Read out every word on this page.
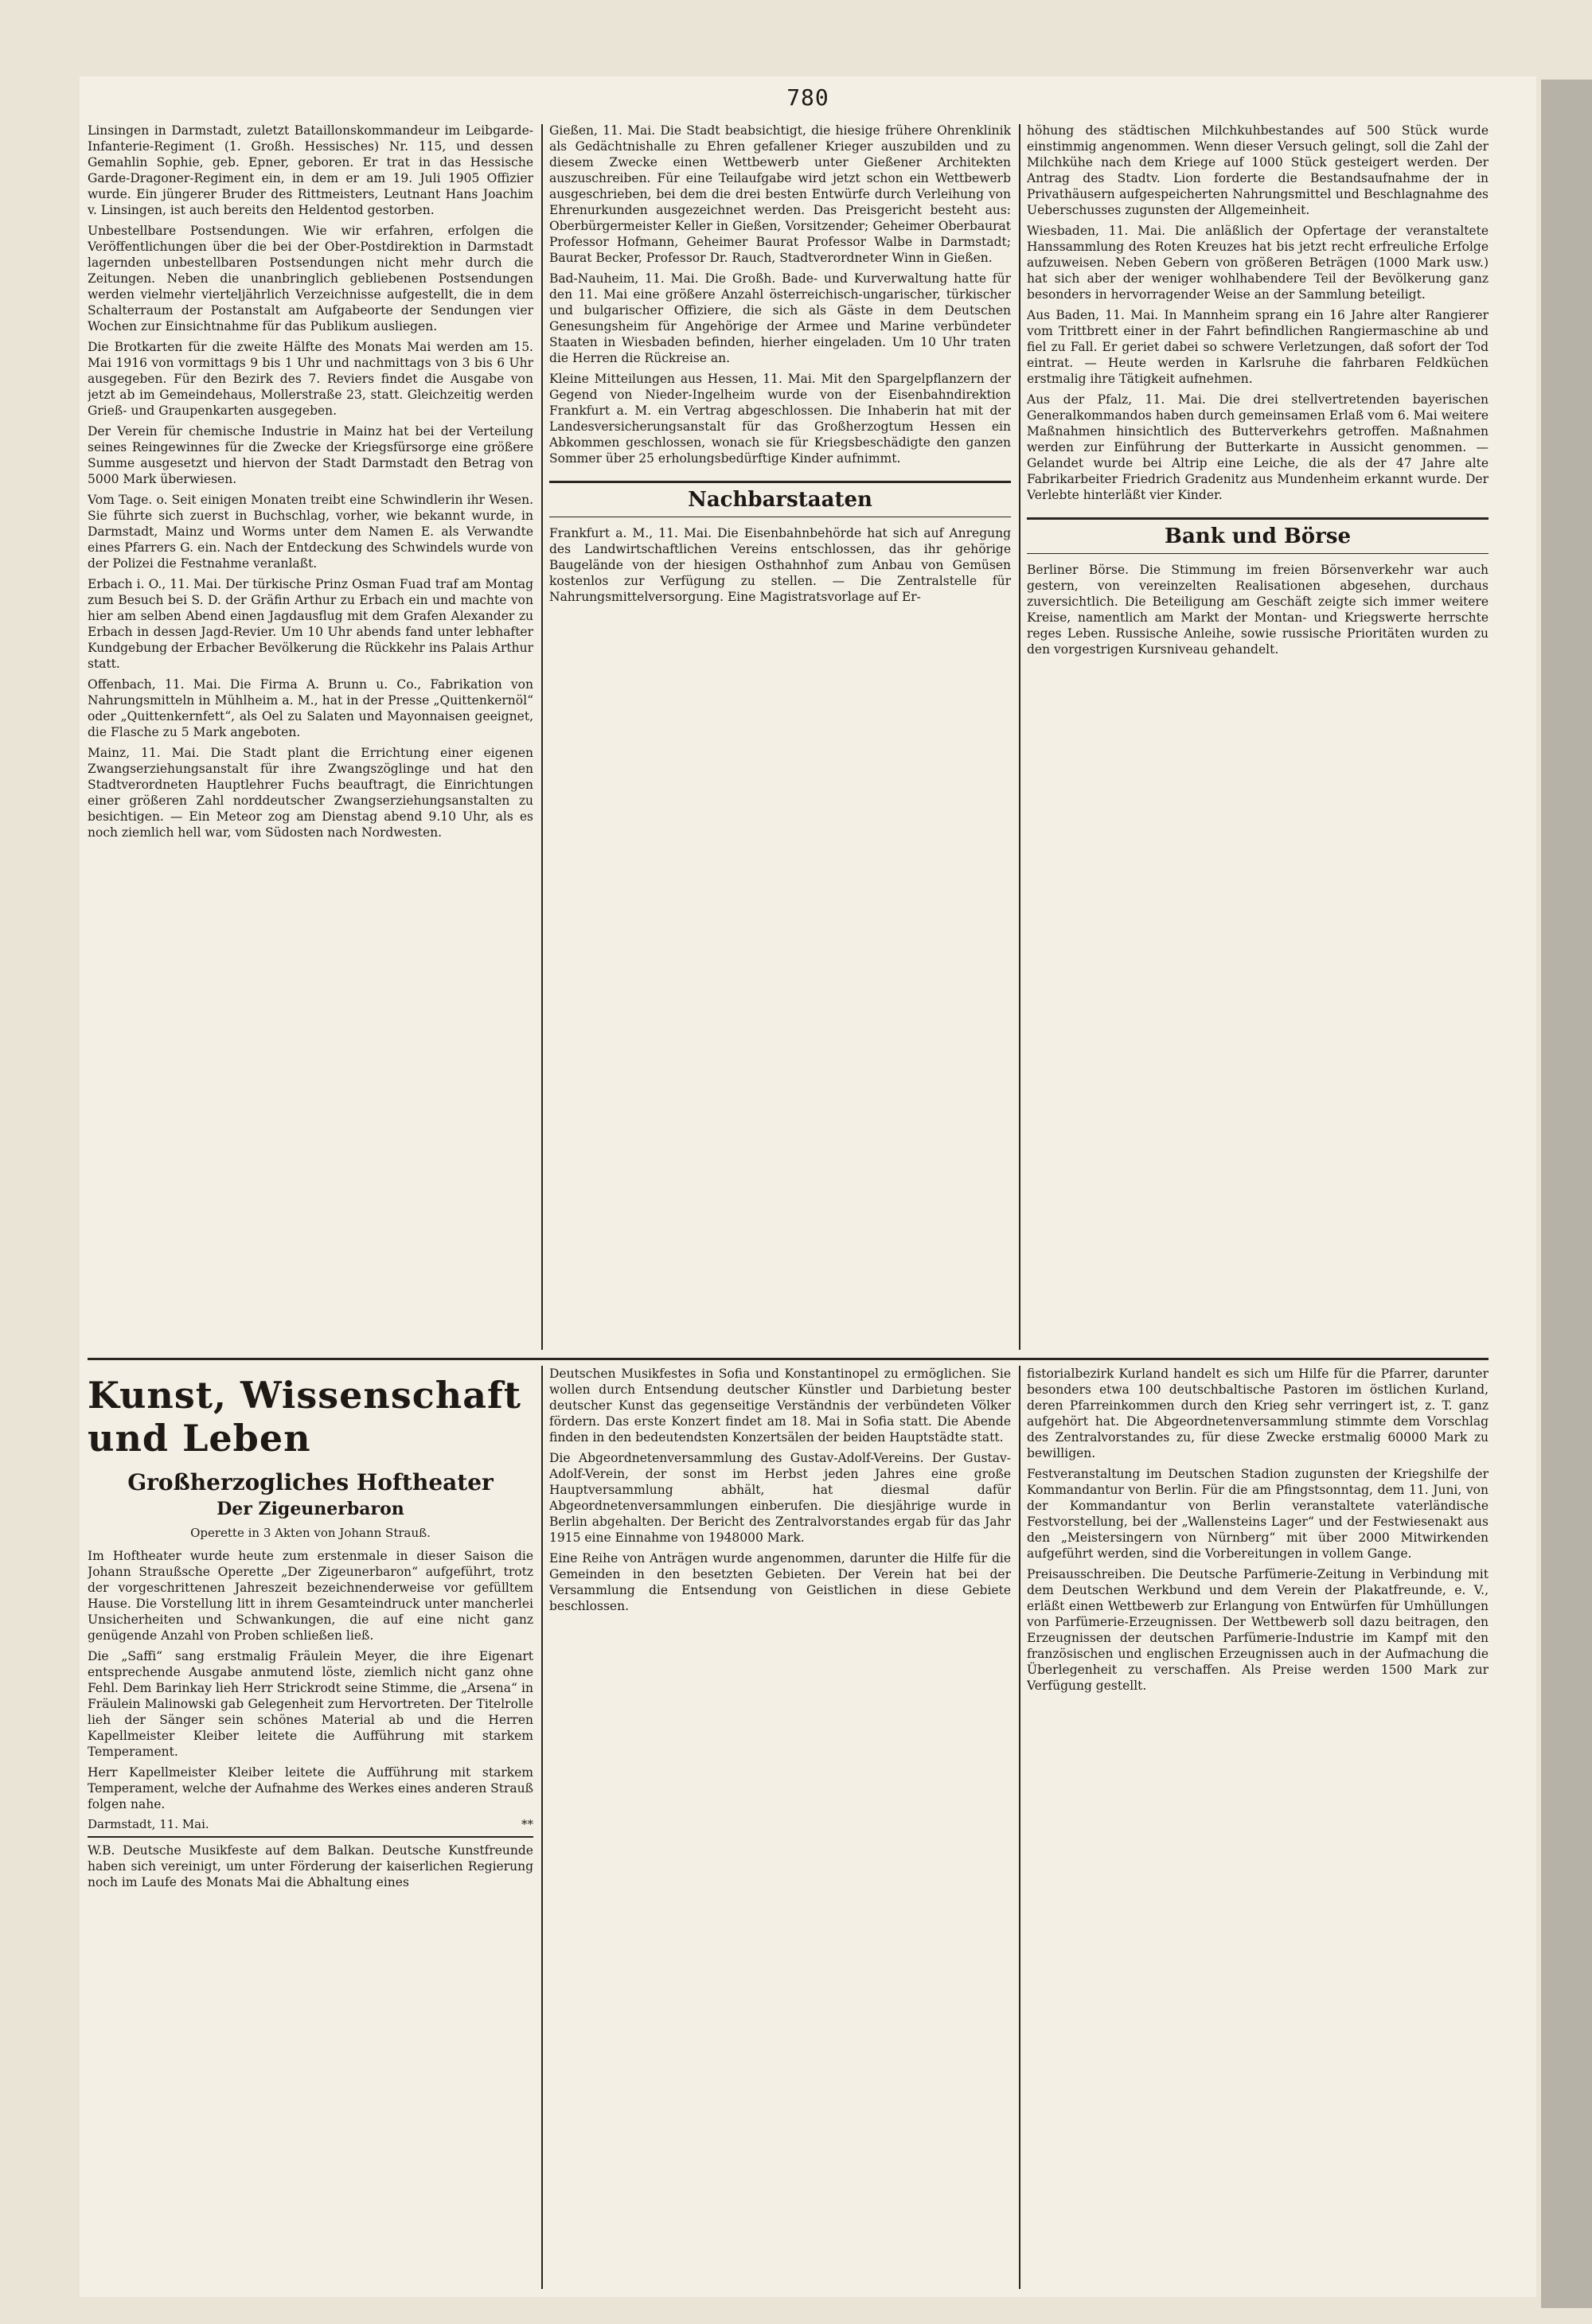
780

Linsingen in Darmstadt, zuletzt Bataillonskommandeur im Leibgarde-Infanterie-Regiment (1. Großh. Hessisches) Nr. 115, und dessen Gemahlin Sophie, geb. Epner, geboren. Er trat in das Hessische Garde-Dragoner-Regiment ein, in dem er am 19. Juli 1905 Offizier wurde. Ein jüngerer Bruder des Rittmeisters, Leutnant Hans Joachim v. Linsingen, ist auch bereits den Heldentod gestorben.

Unbestellbare Postsendungen. Wie wir erfahren, erfolgen die Veröffentlichungen über die bei der Ober-Postdirektion in Darmstadt lagernden unbestellbaren Postsendungen nicht mehr durch die Zeitungen. Neben die unanbringlich gebliebenen Postsendungen werden vielmehr vierteljährlich Verzeichnisse aufgestellt, die in dem Schalterraum der Postanstalt am Aufgabeorte der Sendungen vier Wochen zur Einsichtnahme für das Publikum ausliegen.

Die Brotkarten für die zweite Hälfte des Monats Mai werden am 15. Mai 1916 von vormittags 9 bis 1 Uhr und nachmittags von 3 bis 6 Uhr ausgegeben. Für den Bezirk des 7. Reviers findet die Ausgabe von jetzt ab im Gemeindehaus, Mollerstraße 23, statt. Gleichzeitig werden Grieß- und Graupenkarten ausgegeben.

Der Verein für chemische Industrie in Mainz hat bei der Verteilung seines Reingewinnes für die Zwecke der Kriegsfürsorge eine größere Summe ausgesetzt und hiervon der Stadt Darmstadt den Betrag von 5000 Mark überwiesen.

Vom Tage. o. Seit einigen Monaten treibt eine Schwindlerin ihr Wesen. Sie führte sich zuerst in Buchschlag, vorher, wie bekannt wurde, in Darmstadt, Mainz und Worms unter dem Namen E. als Verwandte eines Pfarrers G. ein. Nach der Entdeckung des Schwindels wurde von der Polizei die Festnahme veranlaßt.

Erbach i. O., 11. Mai. Der türkische Prinz Osman Fuad traf am Montag zum Besuch bei S. D. der Gräfin Arthur zu Erbach ein und machte von hier am selben Abend einen Jagdausflug mit dem Grafen Alexander zu Erbach in dessen Jagd-Revier. Um 10 Uhr abends fand unter lebhafter Kundgebung der Erbacher Bevölkerung die Rückkehr ins Palais Arthur statt.

Offenbach, 11. Mai. Die Firma A. Brunn u. Co., Fabrikation von Nahrungsmitteln in Mühlheim a. M., hat in der Presse „Quittenkernöl“ oder „Quittenkernfett“, als Oel zu Salaten und Mayonnaisen geeignet, die Flasche zu 5 Mark angeboten.

Mainz, 11. Mai. Die Stadt plant die Errichtung einer eigenen Zwangserziehungsanstalt für ihre Zwangszöglinge und hat den Stadtverordneten Hauptlehrer Fuchs beauftragt, die Einrichtungen einer größeren Zahl norddeutscher Zwangserziehungsanstalten zu besichtigen. — Ein Meteor zog am Dienstag abend 9.10 Uhr, als es noch ziemlich hell war, vom Südosten nach Nordwesten.

Gießen, 11. Mai. Die Stadt beabsichtigt, die hiesige frühere Ohrenklinik als Gedächtnishalle zu Ehren gefallener Krieger auszubilden und zu diesem Zwecke einen Wettbewerb unter Gießener Architekten auszuschreiben. Für eine Teilaufgabe wird jetzt schon ein Wettbewerb ausgeschrieben, bei dem die drei besten Entwürfe durch Verleihung von Ehrenurkunden ausgezeichnet werden. Das Preisgericht besteht aus: Oberbürgermeister Keller in Gießen, Vorsitzender; Geheimer Oberbaurat Professor Hofmann, Geheimer Baurat Professor Walbe in Darmstadt; Baurat Becker, Professor Dr. Rauch, Stadtverordneter Winn in Gießen.

Bad-Nauheim, 11. Mai. Die Großh. Bade- und Kurverwaltung hatte für den 11. Mai eine größere Anzahl österreichisch-ungarischer, türkischer und bulgarischer Offiziere, die sich als Gäste in dem Deutschen Genesungsheim für Angehörige der Armee und Marine verbündeter Staaten in Wiesbaden befinden, hierher eingeladen. Um 10 Uhr traten die Herren die Rückreise an.

Kleine Mitteilungen aus Hessen, 11. Mai. Mit den Spargelpflanzern der Gegend von Nieder-Ingelheim wurde von der Eisenbahndirektion Frankfurt a. M. ein Vertrag abgeschlossen. Die Inhaberin hat mit der Landesversicherungsanstalt für das Großherzogtum Hessen ein Abkommen geschlossen, wonach sie für Kriegsbeschädigte den ganzen Sommer über 25 erholungsbedürftige Kinder aufnimmt.

Nachbarstaaten

Frankfurt a. M., 11. Mai. Die Eisenbahnbehörde hat sich auf Anregung des Landwirtschaftlichen Vereins entschlossen, das ihr gehörige Baugelände von der hiesigen Osthahnhof zum Anbau von Gemüsen kostenlos zur Verfügung zu stellen. — Die Zentralstelle für Nahrungsmittelversorgung. Eine Magistratsvorlage auf Er-

höhung des städtischen Milchkuhbestandes auf 500 Stück wurde einstimmig angenommen. Wenn dieser Versuch gelingt, soll die Zahl der Milchkühe nach dem Kriege auf 1000 Stück gesteigert werden. Der Antrag des Stadtv. Lion forderte die Bestandsaufnahme der in Privathäusern aufgespeicherten Nahrungsmittel und Beschlagnahme des Ueberschusses zugunsten der Allgemeinheit.

Wiesbaden, 11. Mai. Die anläßlich der Opfertage der veranstaltete Hanssammlung des Roten Kreuzes hat bis jetzt recht erfreuliche Erfolge aufzuweisen. Neben Gebern von größeren Beträgen (1000 Mark usw.) hat sich aber der weniger wohlhabendere Teil der Bevölkerung ganz besonders in hervorragender Weise an der Sammlung beteiligt.

Aus Baden, 11. Mai. In Mannheim sprang ein 16 Jahre alter Rangierer vom Trittbrett einer in der Fahrt befindlichen Rangiermaschine ab und fiel zu Fall. Er geriet dabei so schwere Verletzungen, daß sofort der Tod eintrat. — Heute werden in Karlsruhe die fahrbaren Feldküchen erstmalig ihre Tätigkeit aufnehmen.

Aus der Pfalz, 11. Mai. Die drei stellvertretenden bayerischen Generalkommandos haben durch gemeinsamen Erlaß vom 6. Mai weitere Maßnahmen hinsichtlich des Butterverkehrs getroffen. Maßnahmen werden zur Einführung der Butterkarte in Aussicht genommen. — Gelandet wurde bei Altrip eine Leiche, die als der 47 Jahre alte Fabrikarbeiter Friedrich Gradenitz aus Mundenheim erkannt wurde. Der Verlebte hinterläßt vier Kinder.

Bank und Börse

Berliner Börse. Die Stimmung im freien Börsenverkehr war auch gestern, von vereinzelten Realisationen abgesehen, durchaus zuversichtlich. Die Beteiligung am Geschäft zeigte sich immer weitere Kreise, namentlich am Markt der Montan- und Kriegswerte herrschte reges Leben. Russische Anleihe, sowie russische Prioritäten wurden zu den vorgestrigen Kursniveau gehandelt.

Kunst, Wissenschaft und Leben
Großherzogliches Hoftheater
Der Zigeunerbaron
Operette in 3 Akten von Johann Strauß.

Im Hoftheater wurde heute zum erstenmale in dieser Saison die Johann Straußsche Operette „Der Zigeunerbaron“ aufgeführt, trotz der vorgeschrittenen Jahreszeit bezeichnenderweise vor gefülltem Hause. Die Vorstellung litt in ihrem Gesamteindruck unter mancherlei Unsicherheiten und Schwankungen, die auf eine nicht ganz genügende Anzahl von Proben schließen ließ.

Die „Saffi“ sang erstmalig Fräulein Meyer, die ihre Eigenart entsprechende Ausgabe anmutend löste, ziemlich nicht ganz ohne Fehl. Dem Barinkay lieh Herr Strickrodt seine Stimme, die „Arsena“ in Fräulein Malinowski gab Gelegenheit zum Hervortreten. Der Titelrolle lieh der Sänger sein schönes Material ab und die Herren Kapellmeister Kleiber leitete die Aufführung mit starkem Temperament.

Herr Kapellmeister Kleiber leitete die Aufführung mit starkem Temperament, welche der Aufnahme des Werkes eines anderen Strauß folgen nahe.

Darmstadt, 11. Mai.	**

W.B. Deutsche Musikfeste auf dem Balkan. Deutsche Kunstfreunde haben sich vereinigt, um unter Förderung der kaiserlichen Regierung noch im Laufe des Monats Mai die Abhaltung eines

Deutschen Musikfestes in Sofia und Konstantinopel zu ermöglichen. Sie wollen durch Entsendung deutscher Künstler und Darbietung bester deutscher Kunst das gegenseitige Verständnis der verbündeten Völker fördern. Das erste Konzert findet am 18. Mai in Sofia statt. Die Abende finden in den bedeutendsten Konzertsälen der beiden Hauptstädte statt.

Die Abgeordnetenversammlung des Gustav-Adolf-Vereins. Der Gustav-Adolf-Verein, der sonst im Herbst jeden Jahres eine große Hauptversammlung abhält, hat diesmal dafür Abgeordnetenversammlungen einberufen. Die diesjährige wurde in Berlin abgehalten. Der Bericht des Zentralvorstandes ergab für das Jahr 1915 eine Einnahme von 1948000 Mark.

Eine Reihe von Anträgen wurde angenommen, darunter die Hilfe für die Gemeinden in den besetzten Gebieten. Der Verein hat bei der Versammlung die Entsendung von Geistlichen in diese Gebiete beschlossen.

fistorialbezirk Kurland handelt es sich um Hilfe für die Pfarrer, darunter besonders etwa 100 deutschbaltische Pastoren im östlichen Kurland, deren Pfarreinkommen durch den Krieg sehr verringert ist, z. T. ganz aufgehört hat. Die Abgeordnetenversammlung stimmte dem Vorschlag des Zentralvorstandes zu, für diese Zwecke erstmalig 60000 Mark zu bewilligen.

Festveranstaltung im Deutschen Stadion zugunsten der Kriegshilfe der Kommandantur von Berlin. Für die am Pfingstsonntag, dem 11. Juni, von der Kommandantur von Berlin veranstaltete vaterländische Festvorstellung, bei der „Wallensteins Lager“ und der Festwiesenakt aus den „Meistersingern von Nürnberg“ mit über 2000 Mitwirkenden aufgeführt werden, sind die Vorbereitungen in vollem Gange.

Preisausschreiben. Die Deutsche Parfümerie-Zeitung in Verbindung mit dem Deutschen Werkbund und dem Verein der Plakatfreunde, e. V., erläßt einen Wettbewerb zur Erlangung von Entwürfen für Umhüllungen von Parfümerie-Erzeugnissen. Der Wettbewerb soll dazu beitragen, den Erzeugnissen der deutschen Parfümerie-Industrie im Kampf mit den französischen und englischen Erzeugnissen auch in der Aufmachung die Überlegenheit zu verschaffen. Als Preise werden 1500 Mark zur Verfügung gestellt.
